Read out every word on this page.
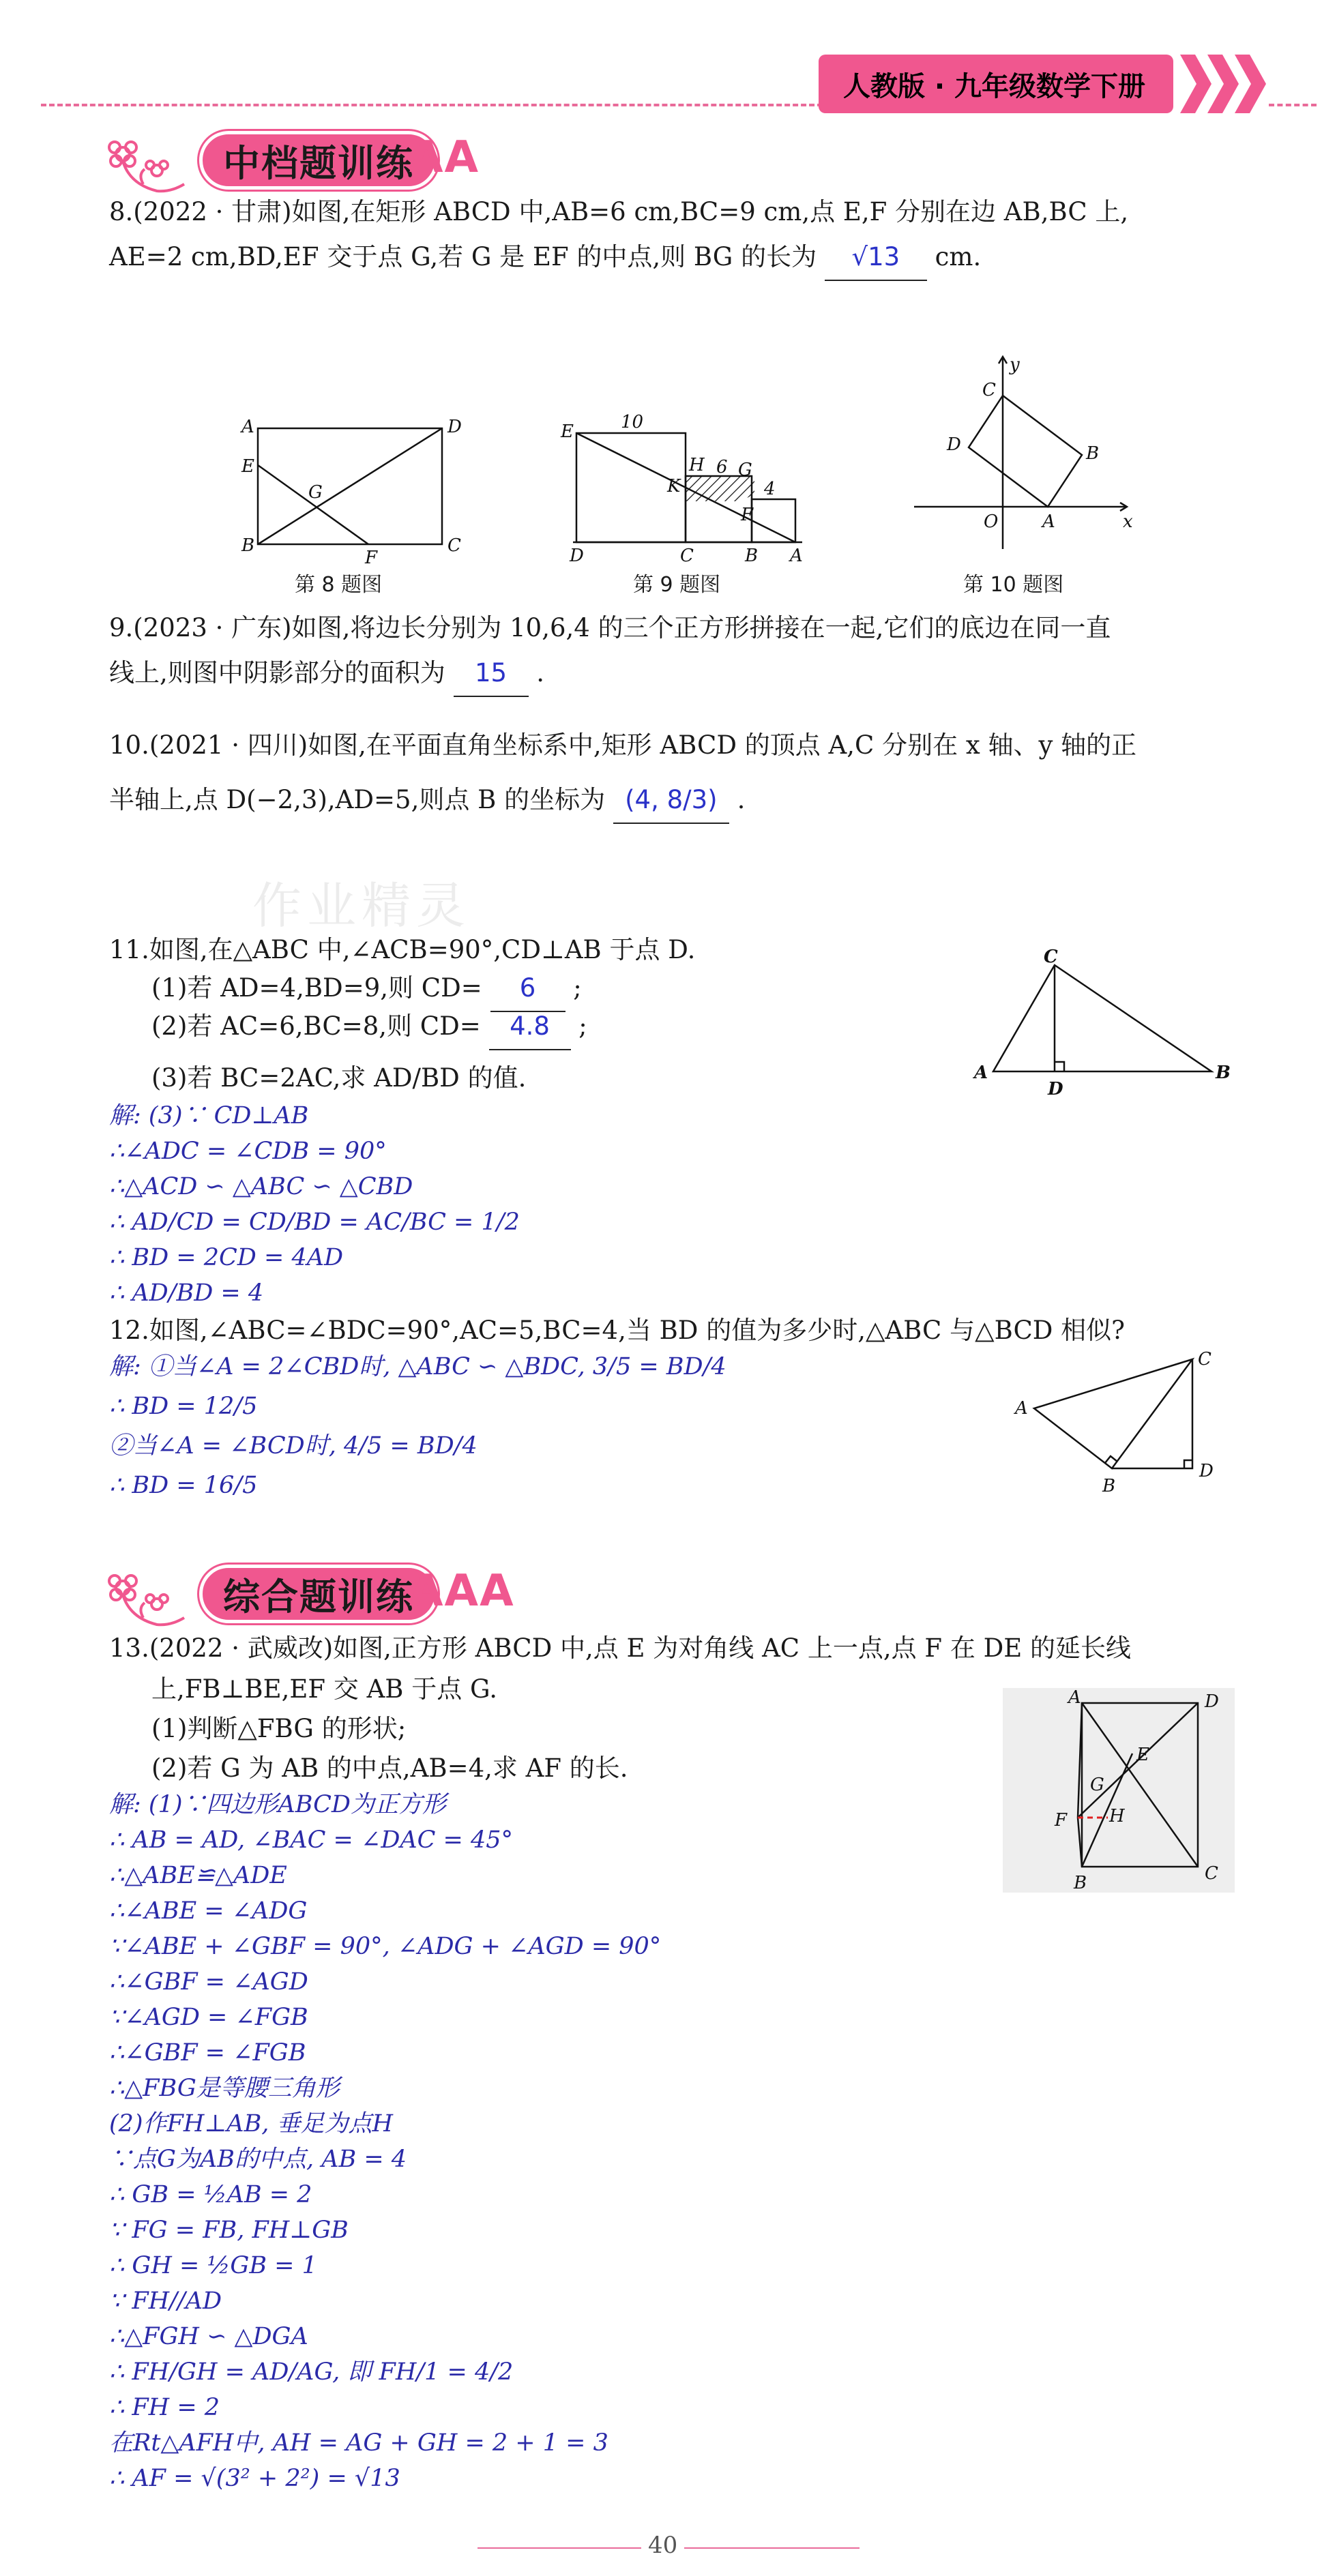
人教版 · 九年级数学下册
中档题训练
AA
8.(2022 · 甘肃)如图,在矩形 ABCD 中,AB=6 cm,BC=9 cm,点 E,F 分别在边 AB,BC 上,
AE=2 cm,BD,EF 交于点 G,若 G 是 EF 的中点,则 BG 的长为 √13 cm.
A
B	C
D
E
F
G
第 8 题图
E
D	C	B A
H G
K
F
10
6
4
第 9 题图
y
x
O A
B
C
D
第 10 题图
9.(2023 · 广东)如图,将边长分别为 10,6,4 的三个正方形拼接在一起,它们的底边在同一直
线上,则图中阴影部分的面积为 15 .
10.(2021 · 四川)如图,在平面直角坐标系中,矩形 ABCD 的顶点 A,C 分别在 x 轴、y 轴的正
半轴上,点 D(−2,3),AD=5,则点 B 的坐标为 (4, 8/3) .
作业精灵
11.如图,在△ABC 中,∠ACB=90°,CD⊥AB 于点 D.
(1)若 AD=4,BD=9,则 CD= 6 ;
(2)若 AC=6,BC=8,则 CD= 4.8 ;
(3)若 BC=2AC,求 AD/BD 的值.	A	B
C
D
解: (3)∵ CD⊥AB
∴∠ADC = ∠CDB = 90°
∴△ACD ∽ △ABC ∽ △CBD
∴ AD/CD = CD/BD = AC/BC = 1/2
∴ BD = 2CD = 4AD
∴ AD/BD = 4
12.如图,∠ABC=∠BDC=90°,AC=5,BC=4,当 BD 的值为多少时,△ABC 与△BCD 相似?
解: ①当∠A = 2∠CBD时, △ABC ∽ △BDC, 3/5 = BD/4
∴ BD = 12/5
②当∠A = ∠BCD时, 4/5 = BD/4
∴ BD = 16/5
A
B
C
D
综合题训练
AAA
13.(2022 · 武威改)如图,正方形 ABCD 中,点 E 为对角线 AC 上一点,点 F 在 DE 的延长线
上,FB⊥BE,EF 交 AB 于点 G.
(1)判断△FBG 的形状;
(2)若 G 为 AB 的中点,AB=4,求 AF 的长.
A	D
C
B
F
G
H
E
解: (1)∵四边形ABCD为正方形
∴ AB = AD, ∠BAC = ∠DAC = 45°
∴△ABE≌△ADE
∴∠ABE = ∠ADG
∵∠ABE + ∠GBF = 90°, ∠ADG + ∠AGD = 90°
∴∠GBF = ∠AGD
∵∠AGD = ∠FGB
∴∠GBF = ∠FGB
∴△FBG是等腰三角形
(2)作FH⊥AB, 垂足为点H
∵点G为AB的中点, AB = 4
∴ GB = ½AB = 2
∵ FG = FB, FH⊥GB
∴ GH = ½GB = 1
∵ FH//AD
∴△FGH ∽ △DGA
∴ FH/GH = AD/AG, 即 FH/1 = 4/2
∴ FH = 2
在Rt△AFH中, AH = AG + GH = 2 + 1 = 3
∴ AF = √(3² + 2²) = √13
40
